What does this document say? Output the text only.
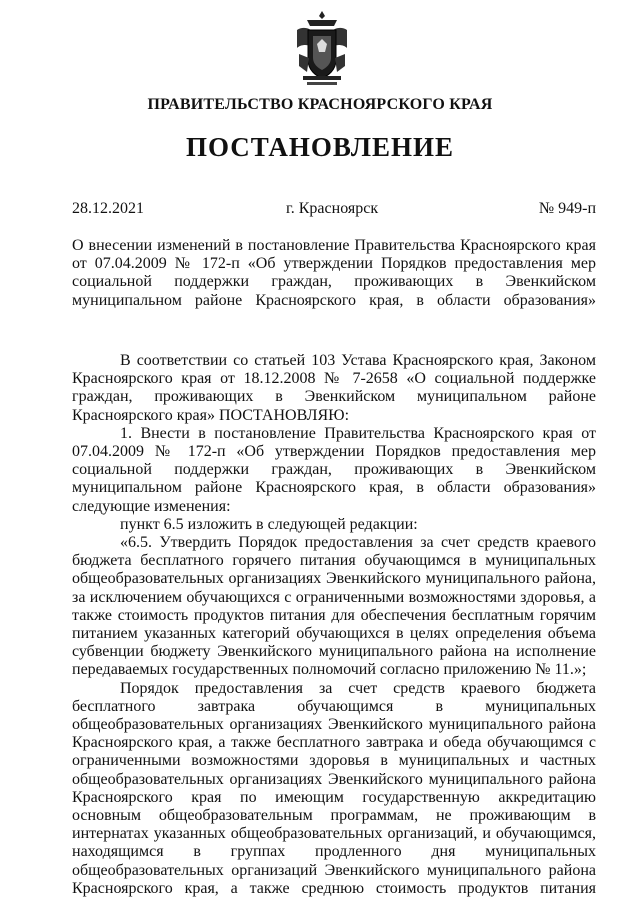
ПРАВИТЕЛЬСТВО КРАСНОЯРСКОГО КРАЯ
ПОСТАНОВЛЕНИЕ
28.12.2021	г. Красноярск	№ 949-п

О внесении изменений в постановление Правительства Красноярского края от 07.04.2009 № 172-п «Об утверждении Порядков предоставления мер социальной поддержки граждан, проживающих в Эвенкийском муниципальном районе Красноярского края, в области образования»

В соответствии со статьей 103 Устава Красноярского края, Законом Красноярского края от 18.12.2008 № 7-2658 «О социальной поддержке граждан, проживающих в Эвенкийском муниципальном районе Красноярского края» ПОСТАНОВЛЯЮ:

1. Внести в постановление Правительства Красноярского края от 07.04.2009 № 172-п «Об утверждении Порядков предоставления мер социальной поддержки граждан, проживающих в Эвенкийском муниципальном районе Красноярского края, в области образования» следующие изменения:

пункт 6.5 изложить в следующей редакции:

«6.5. Утвердить Порядок предоставления за счет средств краевого бюджета бесплатного горячего питания обучающимся в муниципальных общеобразовательных организациях Эвенкийского муниципального района, за исключением обучающихся с ограниченными возможностями здоровья, а также стоимость продуктов питания для обеспечения бесплатным горячим питанием указанных категорий обучающихся в целях определения объема субвенции бюджету Эвенкийского муниципального района на исполнение передаваемых государственных полномочий согласно приложению № 11.»;

Порядок предоставления за счет средств краевого бюджета бесплатного завтрака обучающимся в муниципальных общеобразовательных организациях Эвенкийского муниципального района Красноярского края, а также бесплатного завтрака и обеда обучающимся с ограниченными возможностями здоровья в муниципальных и частных общеобразовательных организациях Эвенкийского муниципального района Красноярского края по имеющим государственную аккредитацию основным общеобразовательным программам, не проживающим в интернатах указанных общеобразовательных организаций, и обучающимся, находящимся в группах продленного дня муниципальных общеобразовательных организаций Эвенкийского муниципального района Красноярского края, а также среднюю стоимость продуктов питания
